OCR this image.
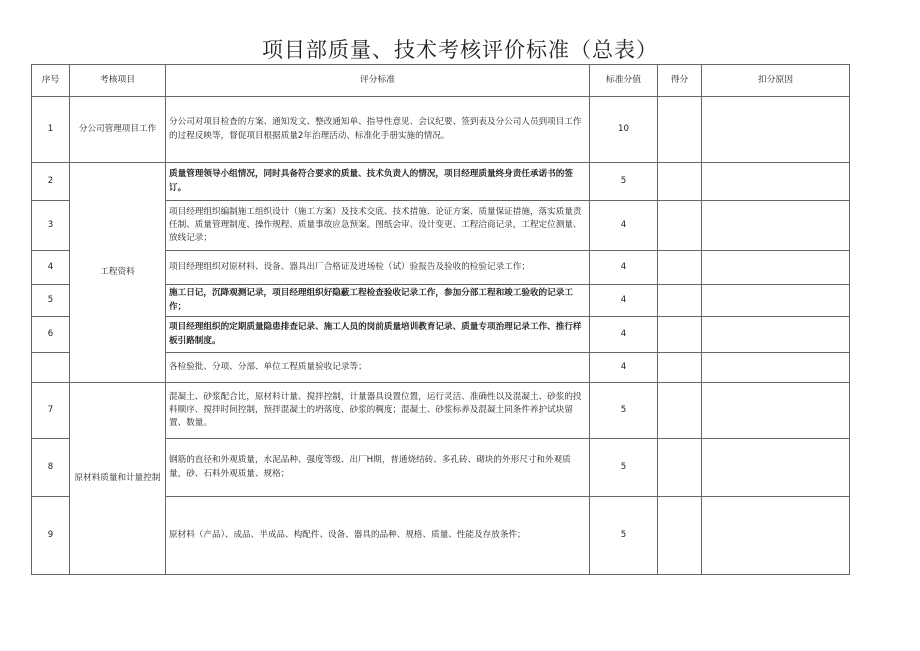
项目部质量、技术考核评价标准（总表）
序号	考核项目	评分标准	标准分值	得分	扣分原因
1	分公司管理项目工作	分公司对项目检查的方案、通知发文、整改通知单、指导性意见、会议纪要、签到表及分公司人员到项目工作的过程反映等，督促项目根据质量2年治理活动、标准化手册实施的情况。	10		
2	工程资料	质量管理领导小组情况，同时具备符合要求的质量、技术负责人的情况，项目经理质量终身责任承诺书的签订。	5		
3		项目经理组织编制施工组织设计（施工方案）及技术交底、技术措施、论证方案、质量保证措施，落实质量责任制、质量管理制度、操作规程、质量事故应急预案。图纸会审、设计变更、工程洽商记录，工程定位测量、放线记录；	4		
4		项目经理组织对原材料、设备、器具出厂合格证及进场检（试）验报告及验收的检验记录工作；	4		
5		施工日记，沉降观测记录，项目经理组织好隐蔽工程检查验收记录工作，参加分部工程和竣工验收的记录工作；	4		
6		项目经理组织的定期质量隐患排查记录、施工人员的岗前质量培训教育记录、质量专项治理记录工作、推行样板引路制度。	4		
		各检验批、分项、分部、单位工程质量验收记录等；	4		
7	原材料质量和计量控制	混凝土、砂浆配合比，原材料计量、搅拌控制，计量器具设置位置，运行灵活、准确性以及混凝土、砂浆的投料顺序、搅拌时间控制，预拌混凝土的坍落度、砂浆的稠度；混凝土、砂浆标养及混凝土同条件养护试块留置、数量。	5		
8		钢筋的直径和外观质量，水泥品种、强度等级、出厂H期，普通烧结砖、多孔砖、砌块的外形尺寸和外观质量，砂、石料外观质量、规格；	5		
9		原材料（产品）、成品、半成品、构配件、设备、器具的品种、规格、质量、性能及存放条件；	5		
